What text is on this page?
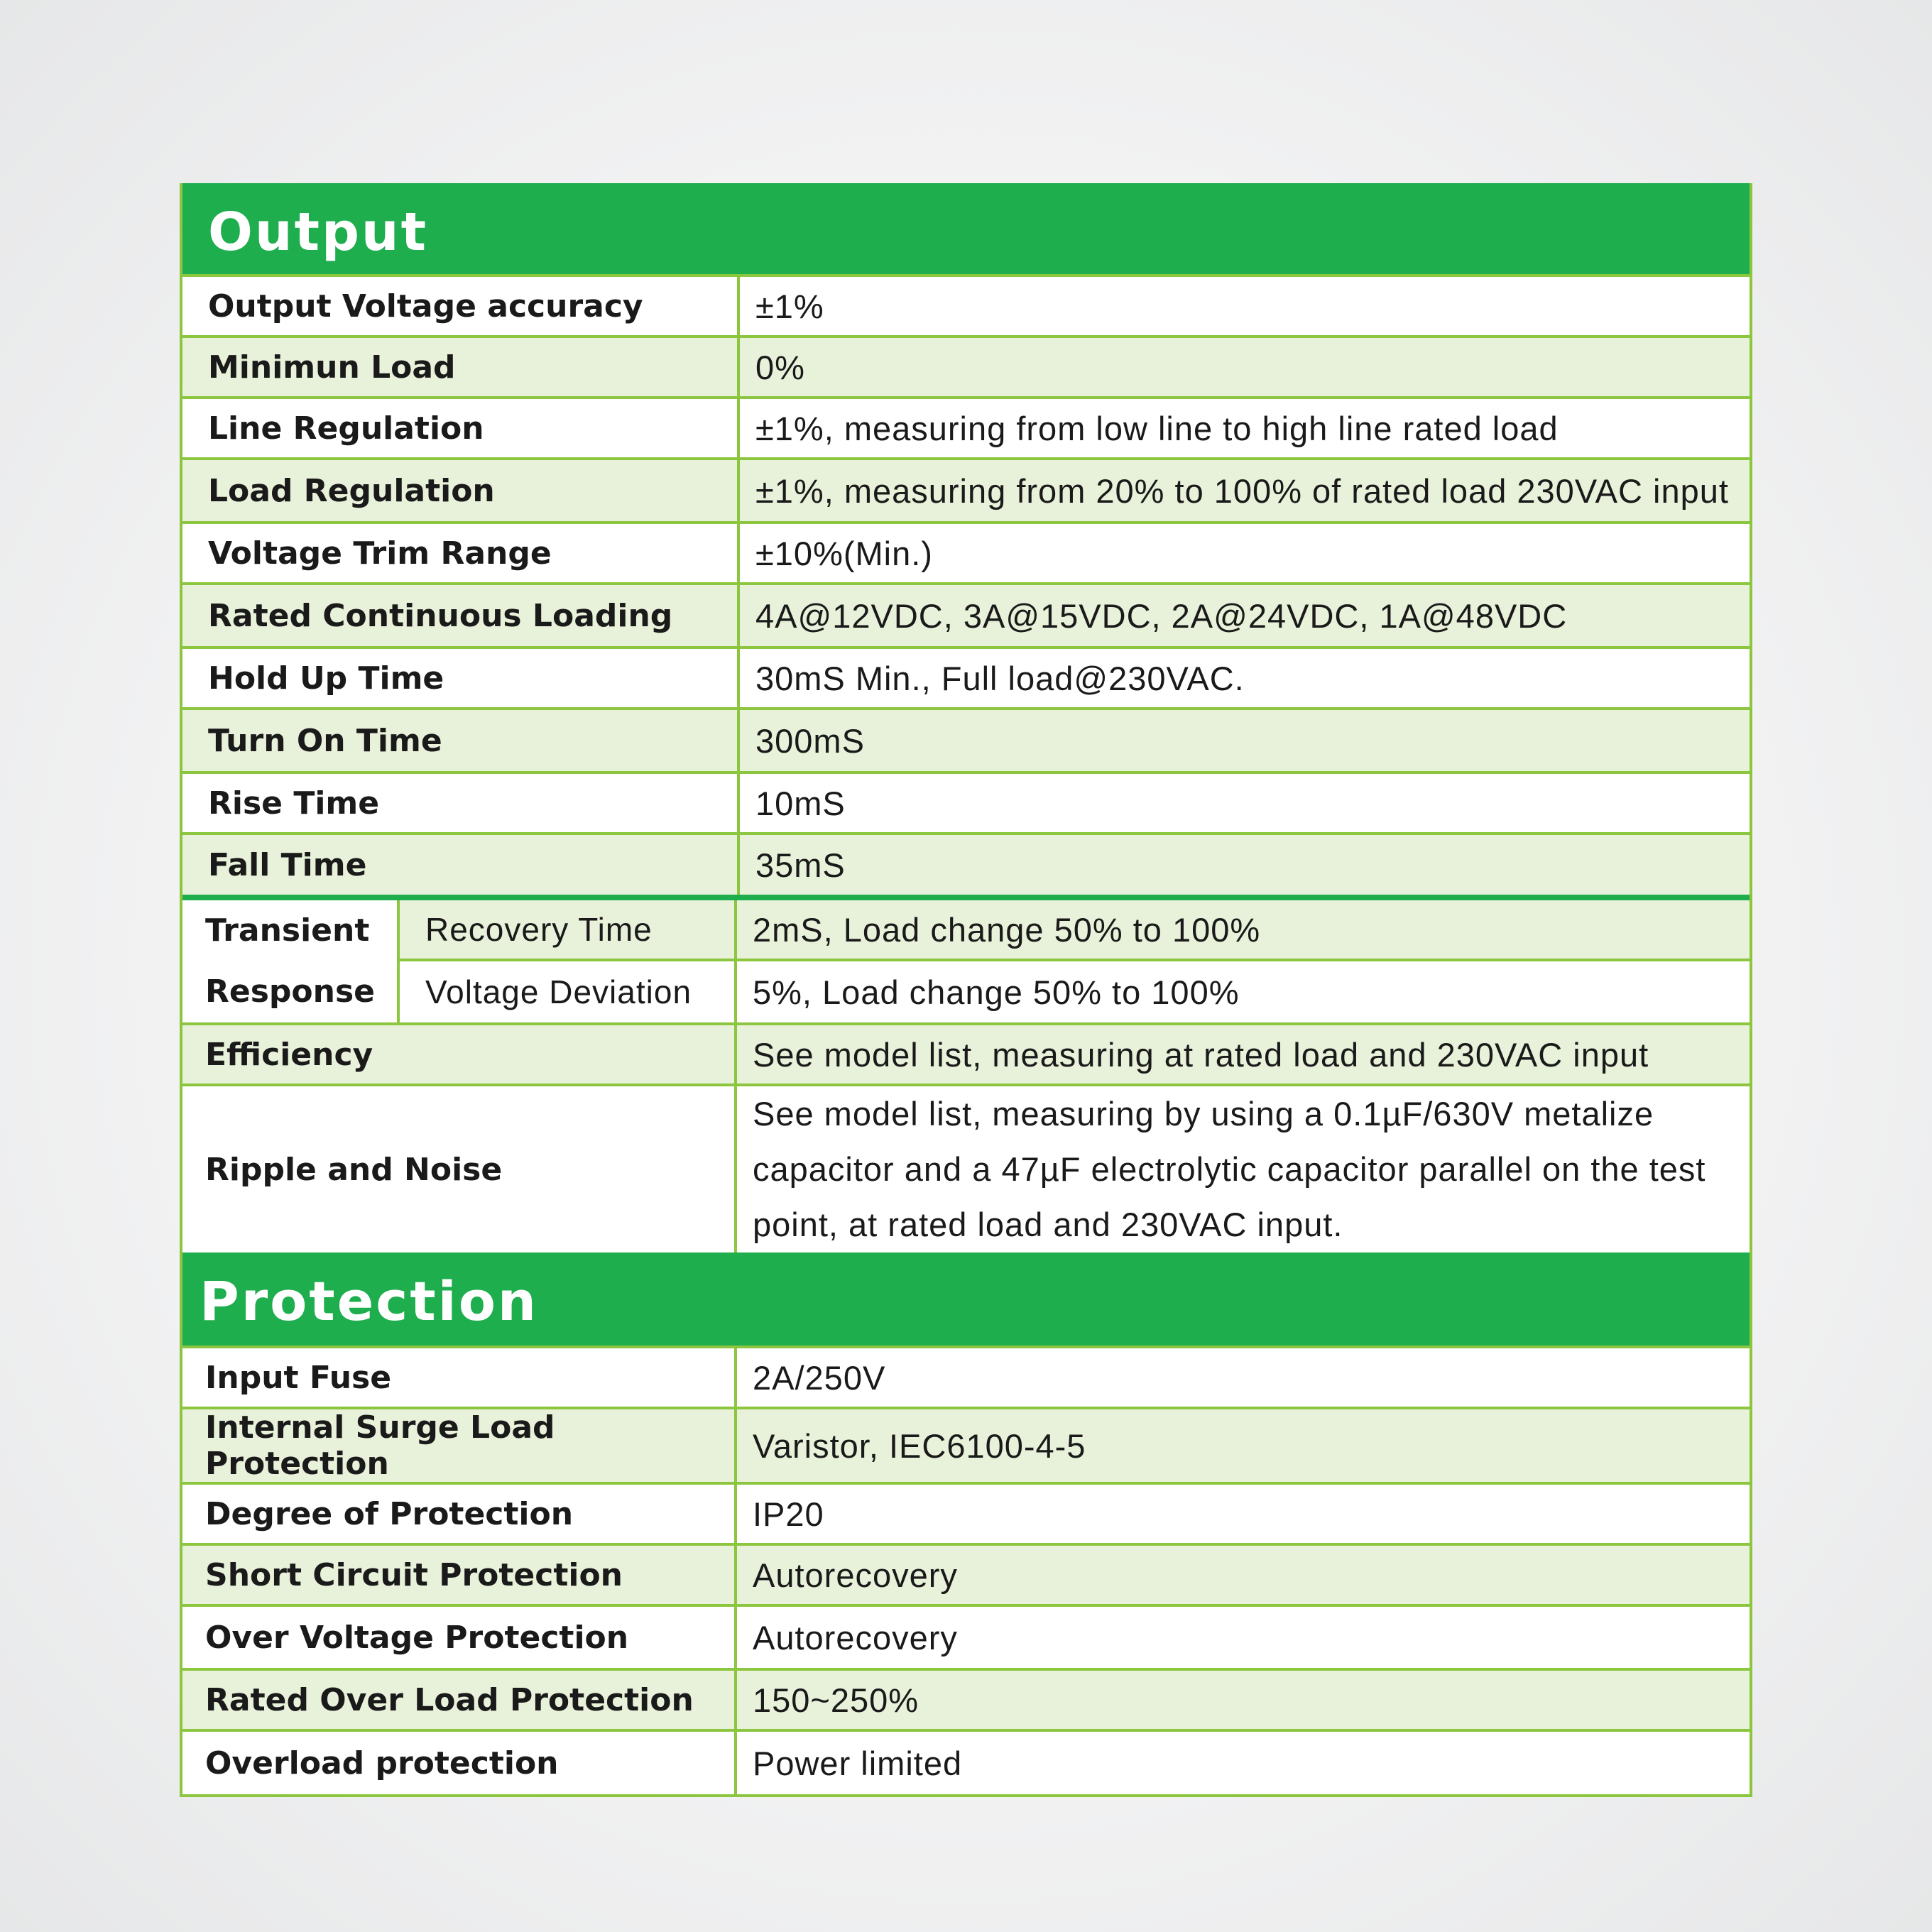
Output
Output Voltage accuracy	±1%
Minimun Load	0%
Line Regulation	±1%, measuring from low line to high line rated load
Load Regulation	±1%, measuring from 20% to 100% of rated load 230VAC input
Voltage Trim Range	±10%(Min.)
Rated Continuous Loading	4A@12VDC, 3A@15VDC, 2A@24VDC, 1A@48VDC
Hold Up Time	30mS Min., Full load@230VAC.
Turn On Time	300mS
Rise Time	10mS
Fall Time	35mS
Transient
Response	Recovery Time	2mS, Load change 50% to 100%
	Voltage Deviation	5%, Load change 50% to 100%
Efficiency	See model list, measuring at rated load and 230VAC input
Ripple and Noise	See model list, measuring by using a 0.1µF/630V metalize
capacitor and a 47µF electrolytic capacitor parallel on the test
point, at rated load and 230VAC input.
Protection
Input Fuse	2A/250V
Internal Surge Load Protection	Varistor, IEC6100-4-5
Degree of Protection	IP20
Short Circuit Protection	Autorecovery
Over Voltage Protection	Autorecovery
Rated Over Load Protection	150~250%
Overload protection	Power limited
